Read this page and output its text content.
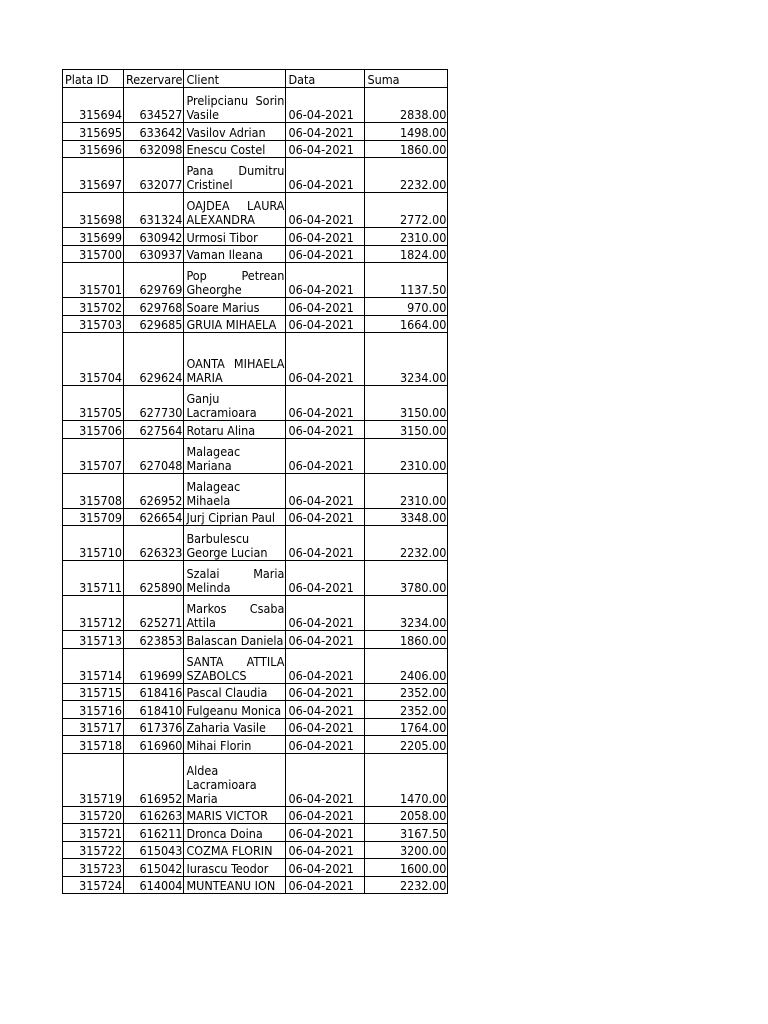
Plata ID	Rezervare	Client	Data	Suma
315694	634527	Prelipcianu Sorin Vasile	06-04-2021	2838.00
315695	633642	Vasilov Adrian	06-04-2021	1498.00
315696	632098	Enescu Costel	06-04-2021	1860.00
315697	632077	Pana Dumitru Cristinel	06-04-2021	2232.00
315698	631324	OAJDEA LAURA ALEXANDRA	06-04-2021	2772.00
315699	630942	Urmosi Tibor	06-04-2021	2310.00
315700	630937	Vaman Ileana	06-04-2021	1824.00
315701	629769	Pop Petrean Gheorghe	06-04-2021	1137.50
315702	629768	Soare Marius	06-04-2021	970.00
315703	629685	GRUIA MIHAELA	06-04-2021	1664.00
315704	629624	OANTA MIHAELA MARIA	06-04-2021	3234.00
315705	627730	Ganju Lacramioara	06-04-2021	3150.00
315706	627564	Rotaru Alina	06-04-2021	3150.00
315707	627048	Malageac Mariana	06-04-2021	2310.00
315708	626952	Malageac Mihaela	06-04-2021	2310.00
315709	626654	Jurj Ciprian Paul	06-04-2021	3348.00
315710	626323	Barbulescu George Lucian	06-04-2021	2232.00
315711	625890	Szalai Maria Melinda	06-04-2021	3780.00
315712	625271	Markos Csaba Attila	06-04-2021	3234.00
315713	623853	Balascan Daniela	06-04-2021	1860.00
315714	619699	SANTA ATTILA SZABOLCS	06-04-2021	2406.00
315715	618416	Pascal Claudia	06-04-2021	2352.00
315716	618410	Fulgeanu Monica	06-04-2021	2352.00
315717	617376	Zaharia Vasile	06-04-2021	1764.00
315718	616960	Mihai Florin	06-04-2021	2205.00
315719	616952	Aldea Lacramioara Maria	06-04-2021	1470.00
315720	616263	MARIS VICTOR	06-04-2021	2058.00
315721	616211	Dronca Doina	06-04-2021	3167.50
315722	615043	COZMA FLORIN	06-04-2021	3200.00
315723	615042	Iurascu Teodor	06-04-2021	1600.00
315724	614004	MUNTEANU ION	06-04-2021	2232.00
